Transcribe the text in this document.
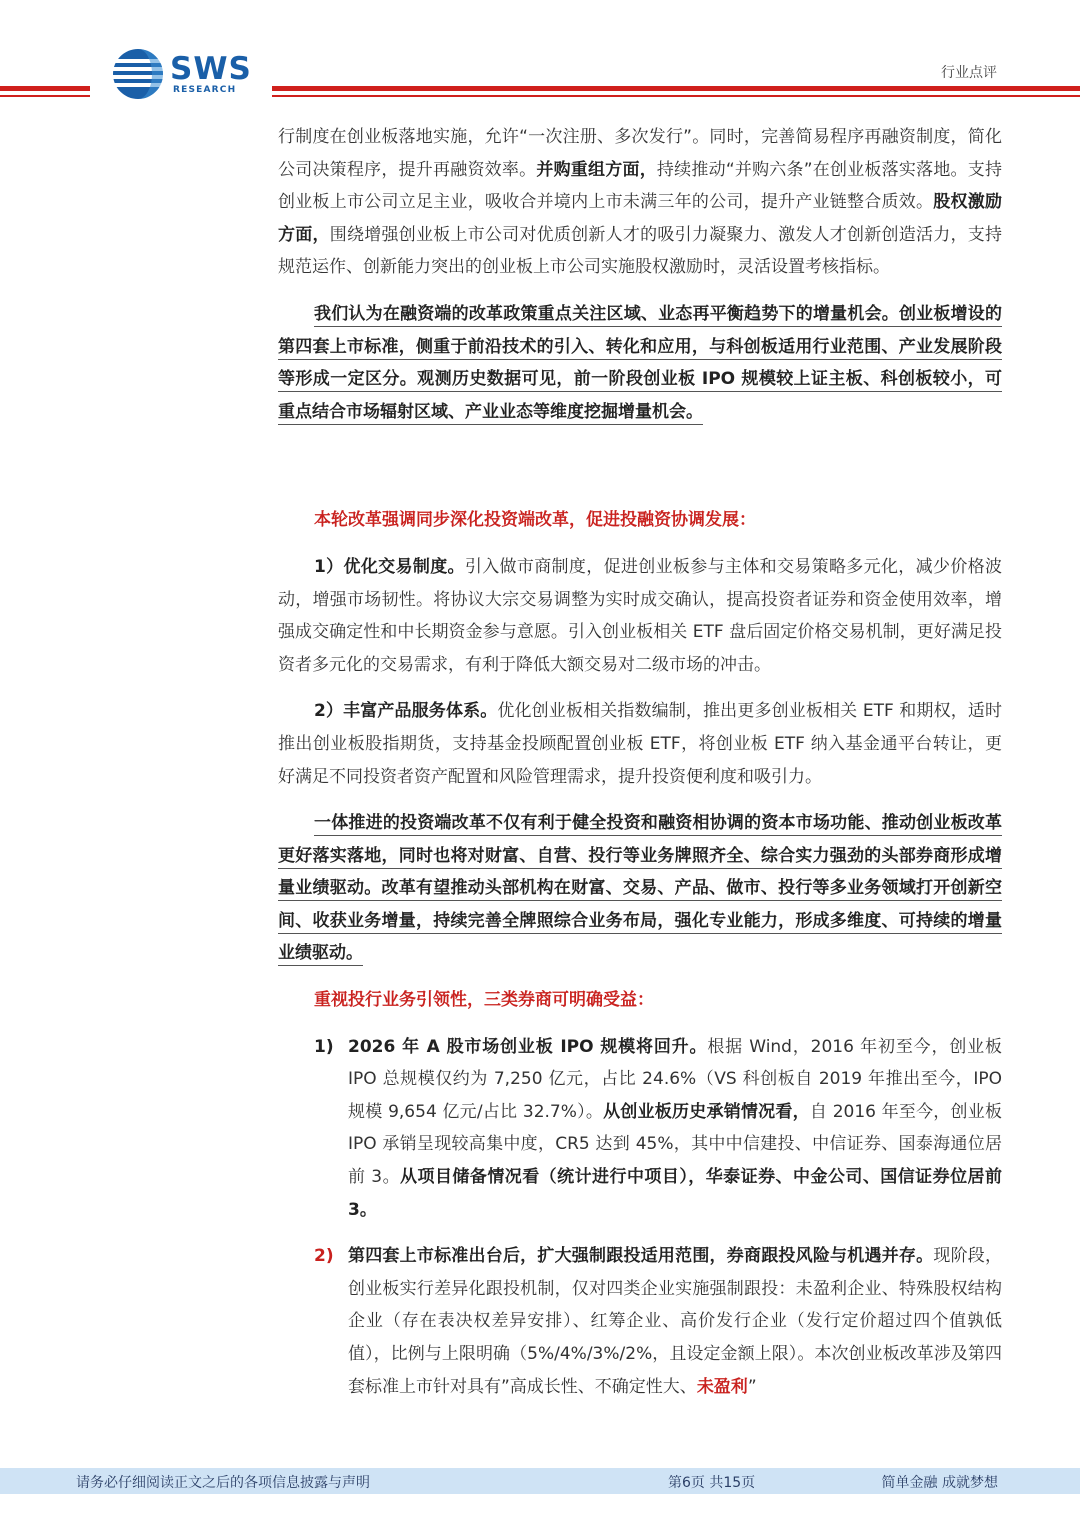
SWS
RESEARCH
行业点评

行制度在创业板落地实施，允许“一次注册、多次发行”。同时，完善简易程序再融资制度，简化公司决策程序，提升再融资效率。并购重组方面，持续推动“并购六条”在创业板落实落地。支持创业板上市公司立足主业，吸收合并境内上市未满三年的公司，提升产业链整合质效。股权激励方面，围绕增强创业板上市公司对优质创新人才的吸引力凝聚力、激发人才创新创造活力，支持规范运作、创新能力突出的创业板上市公司实施股权激励时，灵活设置考核指标。

我们认为在融资端的改革政策重点关注区域、业态再平衡趋势下的增量机会。创业板增设的第四套上市标准，侧重于前沿技术的引入、转化和应用，与科创板适用行业范围、产业发展阶段等形成一定区分。观测历史数据可见，前一阶段创业板 IPO 规模较上证主板、科创板较小，可重点结合市场辐射区域、产业业态等维度挖掘增量机会。

本轮改革强调同步深化投资端改革，促进投融资协调发展：

1）优化交易制度。引入做市商制度，促进创业板参与主体和交易策略多元化，减少价格波动，增强市场韧性。将协议大宗交易调整为实时成交确认，提高投资者证券和资金使用效率，增强成交确定性和中长期资金参与意愿。引入创业板相关 ETF 盘后固定价格交易机制，更好满足投资者多元化的交易需求，有利于降低大额交易对二级市场的冲击。

2）丰富产品服务体系。优化创业板相关指数编制，推出更多创业板相关 ETF 和期权，适时推出创业板股指期货，支持基金投顾配置创业板 ETF，将创业板 ETF 纳入基金通平台转让，更好满足不同投资者资产配置和风险管理需求，提升投资便利度和吸引力。

一体推进的投资端改革不仅有利于健全投资和融资相协调的资本市场功能、推动创业板改革更好落实落地，同时也将对财富、自营、投行等业务牌照齐全、综合实力强劲的头部券商形成增量业绩驱动。改革有望推动头部机构在财富、交易、产品、做市、投行等多业务领域打开创新空间、收获业务增量，持续完善全牌照综合业务布局，强化专业能力，形成多维度、可持续的增量业绩驱动。

重视投行业务引领性，三类券商可明确受益：

1) 2026 年 A 股市场创业板 IPO 规模将回升。根据 Wind，2016 年初至今，创业板 IPO 总规模仅约为 7,250 亿元，占比 24.6%（VS 科创板自 2019 年推出至今，IPO 规模 9,654 亿元/占比 32.7%）。从创业板历史承销情况看，自 2016 年至今，创业板 IPO 承销呈现较高集中度，CR5 达到 45%，其中中信建投、中信证券、国泰海通位居前 3。从项目储备情况看（统计进行中项目），华泰证券、中金公司、国信证券位居前 3。
2) 第四套上市标准出台后，扩大强制跟投适用范围，券商跟投风险与机遇并存。现阶段，创业板实行差异化跟投机制，仅对四类企业实施强制跟投：未盈利企业、特殊股权结构企业（存在表决权差异安排）、红筹企业、高价发行企业（发行定价超过四个值孰低值），比例与上限明确（5%/4%/3%/2%，且设定金额上限）。本次创业板改革涉及第四套标准上市针对具有”高成长性、不确定性大、未盈利”
请务必仔细阅读正文之后的各项信息披露与声明	第6页 共15页	简单金融 成就梦想
